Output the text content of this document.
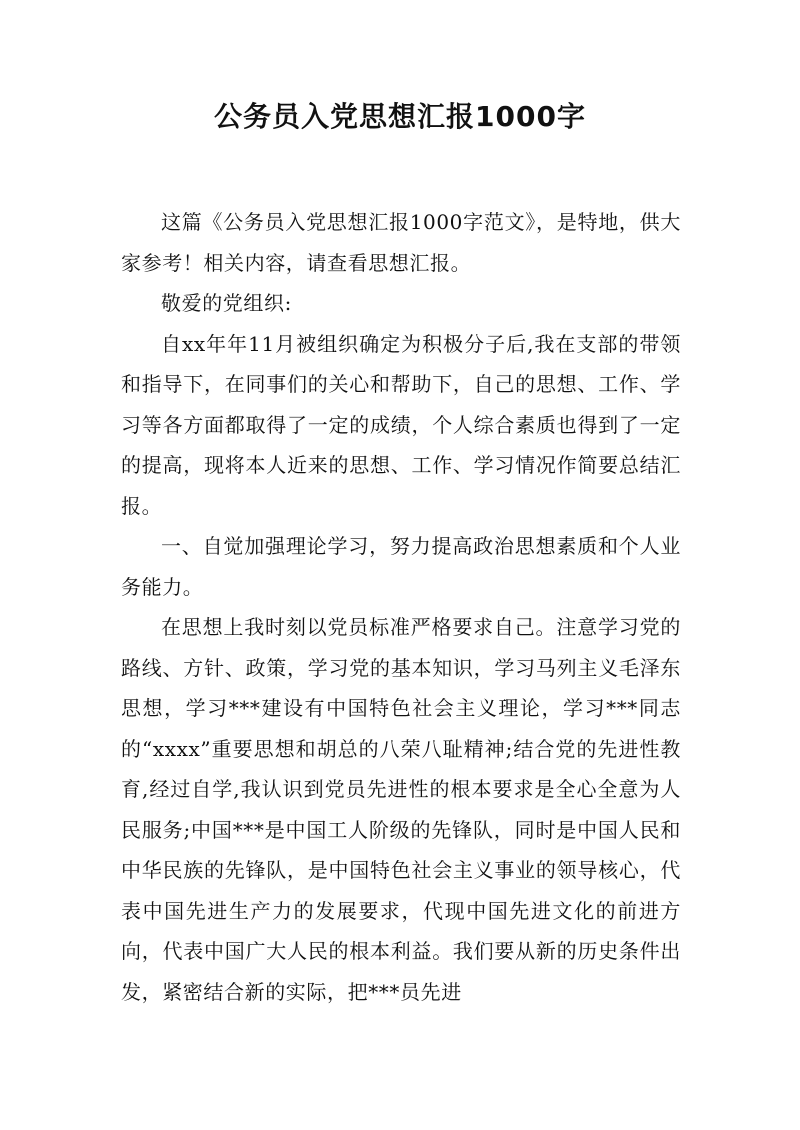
公务员入党思想汇报1000字

这篇《公务员入党思想汇报1000字范文》，是特地，供大家参考！相关内容，请查看思想汇报。

敬爱的党组织:

自xx年年11月被组织确定为积极分子后,我在支部的带领和指导下，在同事们的关心和帮助下，自己的思想、工作、学习等各方面都取得了一定的成绩，个人综合素质也得到了一定的提高，现将本人近来的思想、工作、学习情况作简要总结汇报。

一、自觉加强理论学习，努力提高政治思想素质和个人业务能力。

在思想上我时刻以党员标准严格要求自己。注意学习党的路线、方针、政策，学习党的基本知识，学习马列主义毛泽东思想，学习***建设有中国特色社会主义理论，学习***同志的“xxxx”重要思想和胡总的八荣八耻精神;结合党的先进性教育,经过自学,我认识到党员先进性的根本要求是全心全意为人民服务;中国***是中国工人阶级的先锋队，同时是中国人民和中华民族的先锋队，是中国特色社会主义事业的领导核心，代表中国先进生产力的发展要求，代现中国先进文化的前进方向，代表中国广大人民的根本利益。我们要从新的历史条件出发，紧密结合新的实际，把***员先进
